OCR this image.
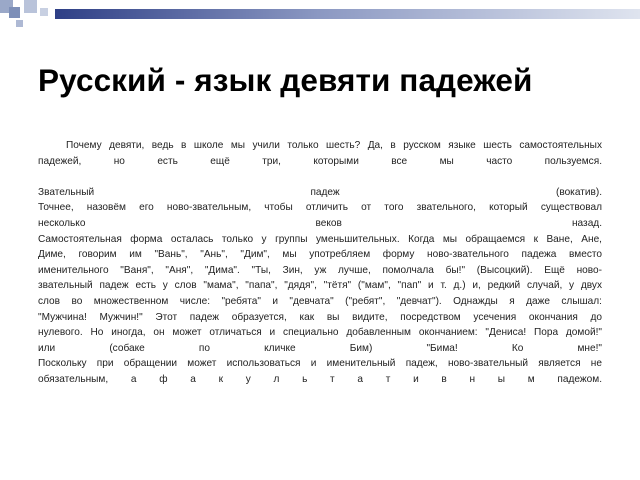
Русский - язык девяти падежей

Почему девяти, ведь в школе мы учили только шесть? Да, в русском языке шесть самостоятельных

падежей, но есть ещё три, которыми все мы часто пользуемся.

Звательный падеж (вокатив).

Точнее, назовём его ново-звательным, чтобы отличить от того звательного, который существовал

несколько веков назад.

Самостоятельная форма осталась только у группы уменьшительных. Когда мы обращаемся к Ване, Ане,

Диме, говорим им "Вань", "Ань", "Дим", мы употребляем форму ново-звательного падежа вместо

именительного "Ваня", "Аня", "Дима". "Ты, Зин, уж лучше, помолчала бы!" (Высоцкий). Ещё ново-

звательный падеж есть у слов "мама", "папа", "дядя", "тётя" ("мам", "пап" и т. д.) и, редкий случай, у двух

слов во множественном числе: "ребята" и "девчата" ("ребят", "девчат"). Однажды я даже слышал:

"Мужчина! Мужчин!" Этот падеж образуется, как вы видите, посредством усечения окончания до

нулевого. Но иногда, он может отличаться и специально добавленным окончанием: "Дениса! Пора домой!"

или (собаке по кличке Бим) "Бима! Ко мне!"

Поскольку при обращении может использоваться и именительный падеж, ново-звательный является не

обязательным, а ф а к у л ь т а т и в н ы м падежом.
